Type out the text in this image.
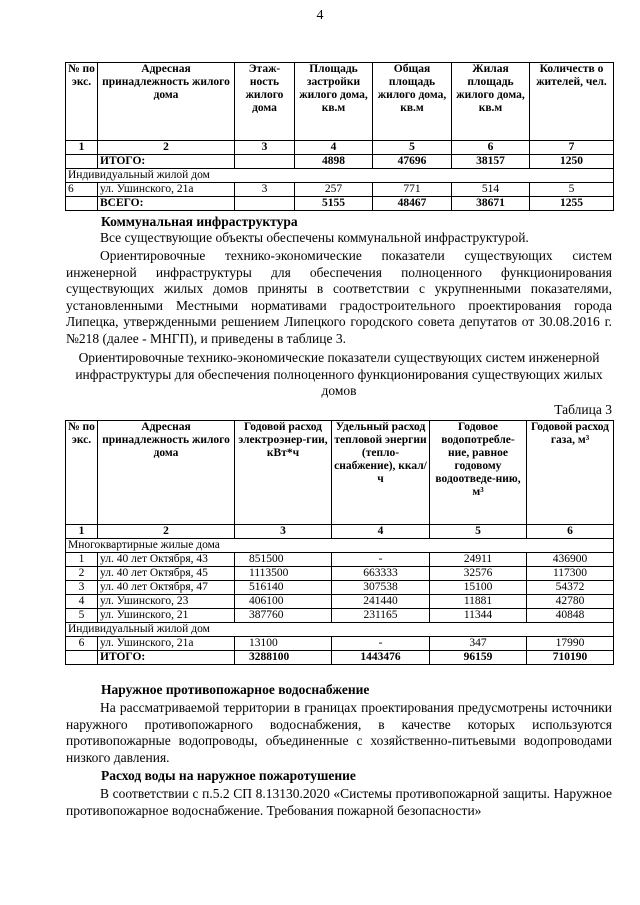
4
№ по экс.	Адресная принадлежность жилого дома	Этаж-ность жилого дома	Площадь застройки жилого дома, кв.м	Общая площадь жилого дома, кв.м	Жилая площадь жилого дома, кв.м	Количеств о жителей, чел.
1	2	3	4	5	6	7
	ИТОГО:		4898	47696	38157	1250
Индивидуальный жилой дом						
6	ул. Ушинского, 21а	3	257	771	514	5
	ВСЕГО:		5155	48467	38671	1255

Коммунальная инфраструктура

Все существующие объекты обеспечены коммунальной инфраструктурой.

Ориентировочные технико-экономические показатели существующих систем инженерной инфраструктуры для обеспечения полноценного функционирования существующих жилых домов приняты в соответствии с укрупненными показателями, установленными Местными нормативами градостроительного проектирования города Липецка, утвержденными решением Липецкого городского совета депутатов от 30.08.2016 г. №218 (далее - МНГП), и приведены в таблице 3.

Ориентировочные технико-экономические показатели существующих систем инженерной инфраструктуры для обеспечения полноценного функционирования существующих жилых домов

Таблица 3

№ по экс.	Адресная принадлежность жилого дома	Годовой расход электроэнер-гии, кВт*ч	Удельный расход тепловой энергии (тепло-снабжение), ккал/ч	Годовое водопотребле-ние, равное годовому водоотведе-нию, м³	Годовой расход газа, м³
1	2	3	4	5	6
Многоквартирные жилые дома					
1	ул. 40 лет Октября, 43	851500	-	24911	436900
2	ул. 40 лет Октября, 45	1113500	663333	32576	117300
3	ул. 40 лет Октября, 47	516140	307538	15100	54372
4	ул. Ушинского, 23	406100	241440	11881	42780
5	ул. Ушинского, 21	387760	231165	11344	40848
Индивидуальный жилой дом					
6	ул. Ушинского, 21а	13100	-	347	17990
	ИТОГО:	3288100	1443476	96159	710190

Наружное противопожарное водоснабжение

На рассматриваемой территории в границах проектирования предусмотрены источники наружного противопожарного водоснабжения, в качестве которых используются противопожарные водопроводы, объединенные с хозяйственно-питьевыми водопроводами низкого давления.

Расход воды на наружное пожаротушение

В соответствии с п.5.2 СП 8.13130.2020 «Системы противопожарной защиты. Наружное противопожарное водоснабжение. Требования пожарной безопасности»
